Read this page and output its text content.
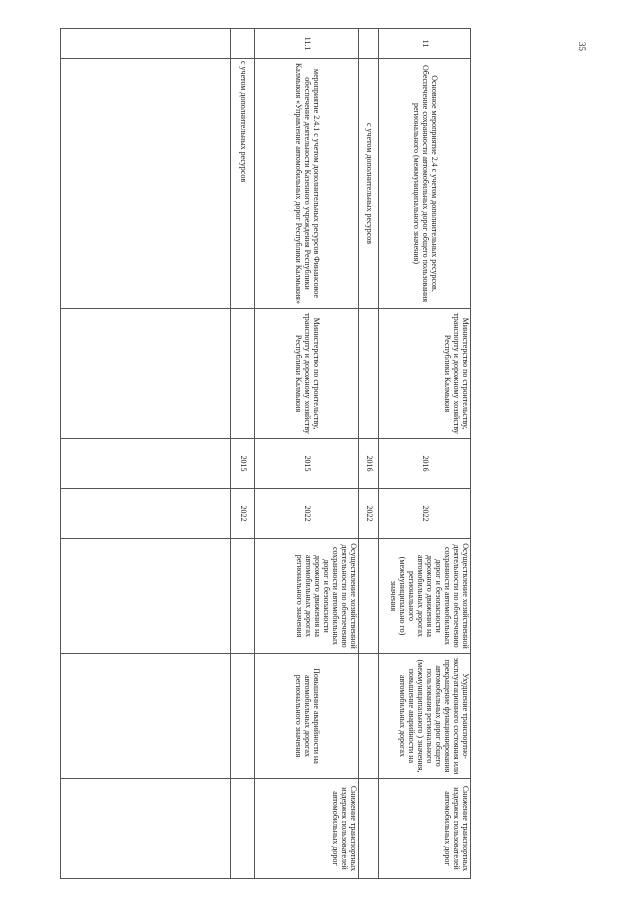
35
11	Основное мероприятие 2.4 с учетом дополнительных ресурсов. Обеспечение сохранности автомобильных дорог общего пользования регионального (межмуниципального значения)	Министерство по строительству, транспорту и дорожному хозяйству Республики Калмыкия	2016	2022	Осуществление хозяйственной деятельности по обеспечению сохранности автомобильных дорог и безопасности дорожного движения на автомобильных дорогах регионального (межмуниципально го) значения	Ухудшение транспортно-эксплуатационного состояния или прекращение функционирования автомобильных дорог общего пользования регионального (межмуниципального ) значения, повышение аварийности на автомобильных дорогах	Снижение транспортных издержек пользователей автомобильных дорог
	с учетом дополнительных ресурсов		2016	2022			
11.1	мероприятие 2.4.1 с учетом дополнительных ресурсов Финансовое обеспечение деятельности Казенного учреждения Республики Калмыкия «Управление автомобильных дорог Республики Калмыкия»	Министерство по строительству, транспорту и дорожному хозяйству Республики Калмыкия	2015	2022	Осуществление хозяйственной деятельности по обеспечению сохранности автомобильных дорог и безопасности дорожного движения на автомобильных дорогах регионального значения	Повышение аварийности на автомобильных дорогах регионального значения	Снижение транспортных издержек пользователей автомобильных дорог
	с учетом дополнительных ресурсов		2015	2022			
